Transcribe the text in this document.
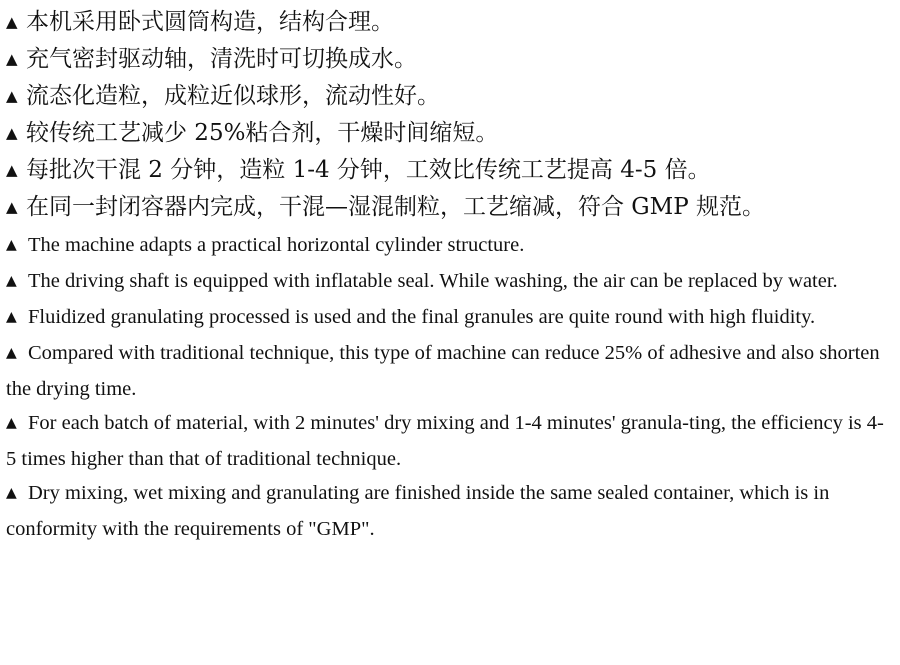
▲ 本机采用卧式圆筒构造，结构合理。
▲ 充气密封驱动轴，清洗时可切换成水。
▲ 流态化造粒，成粒近似球形，流动性好。
▲ 较传统工艺减少 25%粘合剂，干燥时间缩短。
▲ 每批次干混 2 分钟，造粒 1-4 分钟，工效比传统工艺提高 4-5 倍。
▲ 在同一封闭容器内完成，干混—湿混制粒，工艺缩减，符合 GMP 规范。
▲ The machine adapts a practical horizontal cylinder structure.
▲ The driving shaft is equipped with inflatable seal. While washing, the air can be replaced by water.
▲ Fluidized granulating processed is used and the final granules are quite round with high fluidity.
▲ Compared with traditional technique, this type of machine can reduce 25% of adhesive and also shorten the drying time.
▲ For each batch of material, with 2 minutes' dry mixing and 1-4 minutes' granula-ting, the efficiency is 4-5 times higher than that of traditional technique.
▲ Dry mixing, wet mixing and granulating are finished inside the same sealed container, which is in conformity with the requirements of "GMP".
